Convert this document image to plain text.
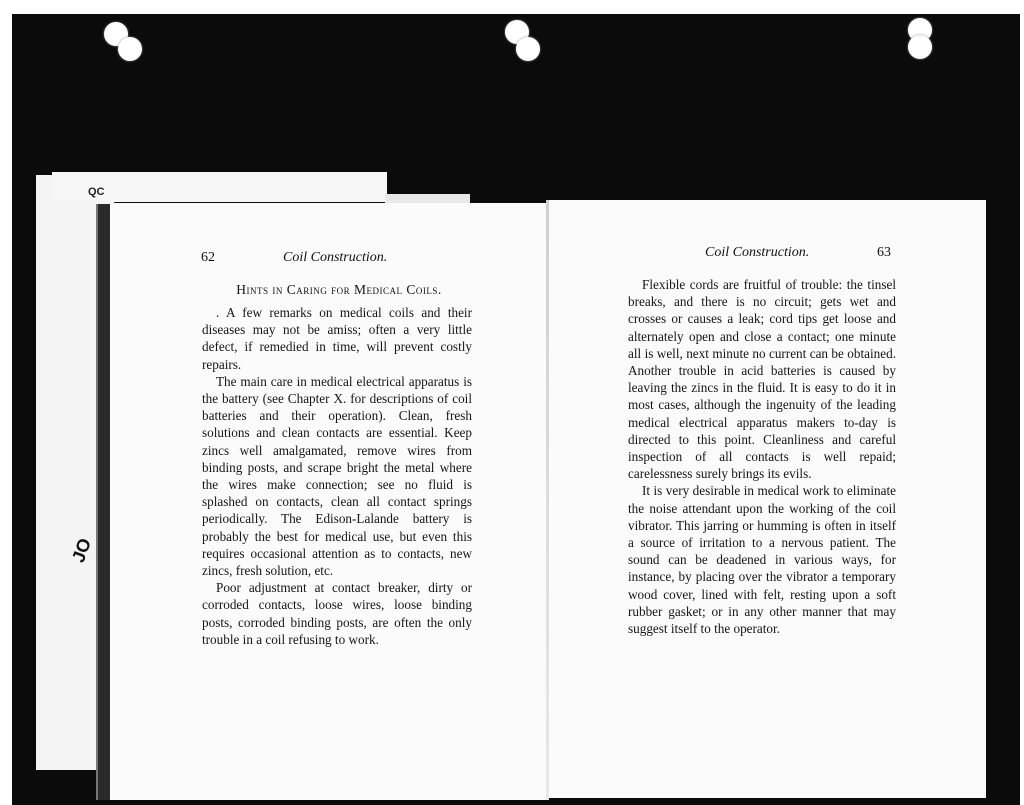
QC
JO
62	Coil Construction.
Hints in Caring for Medical Coils.

. A few remarks on medical coils and their diseases may not be amiss; often a very little defect, if remedied in time, will prevent costly repairs.

The main care in medical electrical apparatus is the battery (see Chapter X. for descriptions of coil batteries and their operation). Clean, fresh solutions and clean contacts are essential. Keep zincs well amalgamated, remove wires from binding posts, and scrape bright the metal where the wires make connection; see no fluid is splashed on contacts, clean all contact springs periodically. The Edison-Lalande battery is probably the best for medical use, but even this requires occasional attention as to contacts, new zincs, fresh solution, etc.

Poor adjustment at contact breaker, dirty or corroded contacts, loose wires, loose binding posts, corroded binding posts, are often the only trouble in a coil refusing to work.

Coil Construction.	63

Flexible cords are fruitful of trouble: the tinsel breaks, and there is no circuit; gets wet and crosses or causes a leak; cord tips get loose and alternately open and close a contact; one minute all is well, next minute no current can be obtained. Another trouble in acid batteries is caused by leaving the zincs in the fluid. It is easy to do it in most cases, although the ingenuity of the leading medical electrical apparatus makers to-day is directed to this point. Cleanliness and careful inspection of all contacts is well repaid; carelessness surely brings its evils.

It is very desirable in medical work to eliminate the noise attendant upon the working of the coil vibrator. This jarring or humming is often in itself a source of irritation to a nervous patient. The sound can be deadened in various ways, for instance, by placing over the vibrator a temporary wood cover, lined with felt, resting upon a soft rubber gasket; or in any other manner that may suggest itself to the operator.
